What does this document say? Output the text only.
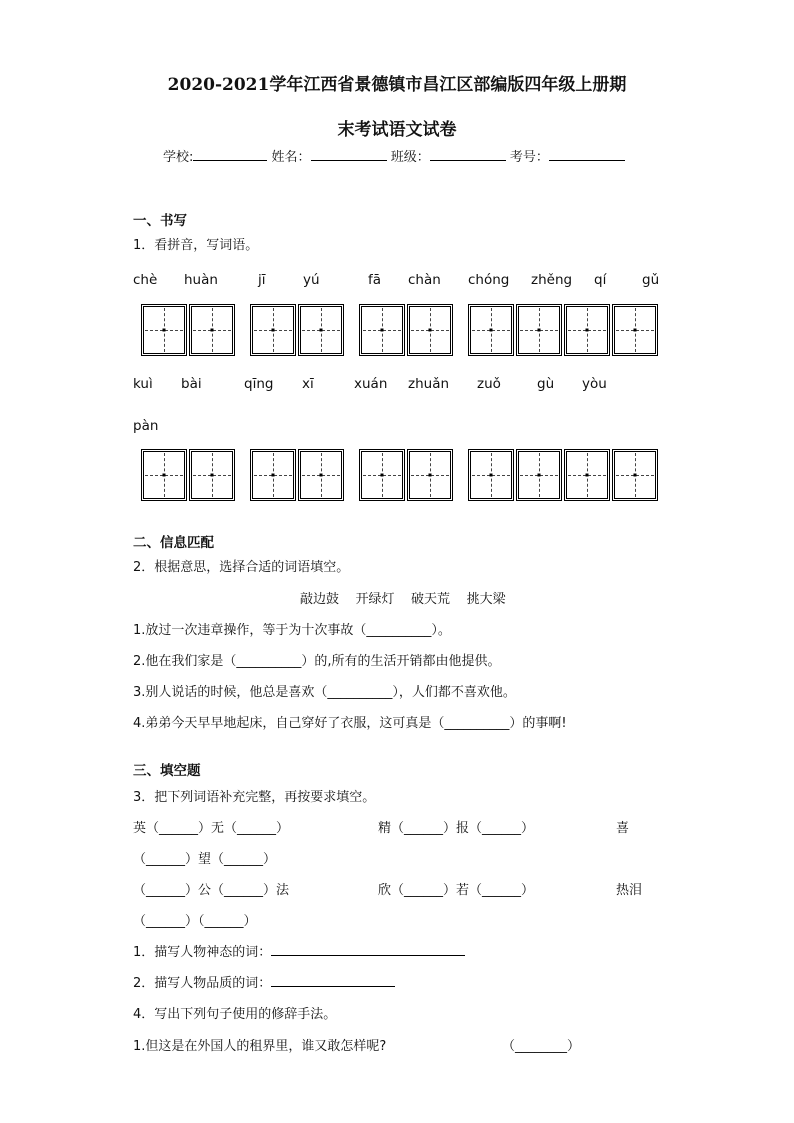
2020-2021学年江西省景德镇市昌江区部编版四年级上册期
末考试语文试卷
学校:	姓名：	班级：	考号：
一、书写
1．看拼音，写词语。
chè huàn	jī	yú	fā chàn chóng zhěng qí	gǔ
kuì bài	qīng xī	xuán zhuǎn zuǒ	gù yòu
pàn
二、信息匹配
2．根据意思，选择合适的词语填空。
敲边鼓    开绿灯    破天荒    挑大梁
1.放过一次违章操作，等于为十次事故（__________）。
2.他在我们家是（__________）的,所有的生活开销都由他提供。
3.别人说话的时候，他总是喜欢（__________），人们都不喜欢他。
4.弟弟今天早早地起床，自己穿好了衣服，这可真是（__________）的事啊!
三、填空题
3．把下列词语补充完整，再按要求填空。
英（______）无（______）	精（______）报（______）	喜
（______）望（______）
（______）公（______）法	欣（______）若（______）	热泪
（______）（______）
1．描写人物神态的词：
2．描写人物品质的词：
4．写出下列句子使用的修辞手法。
1.但这是在外国人的租界里，谁又敢怎样呢?	（________）
